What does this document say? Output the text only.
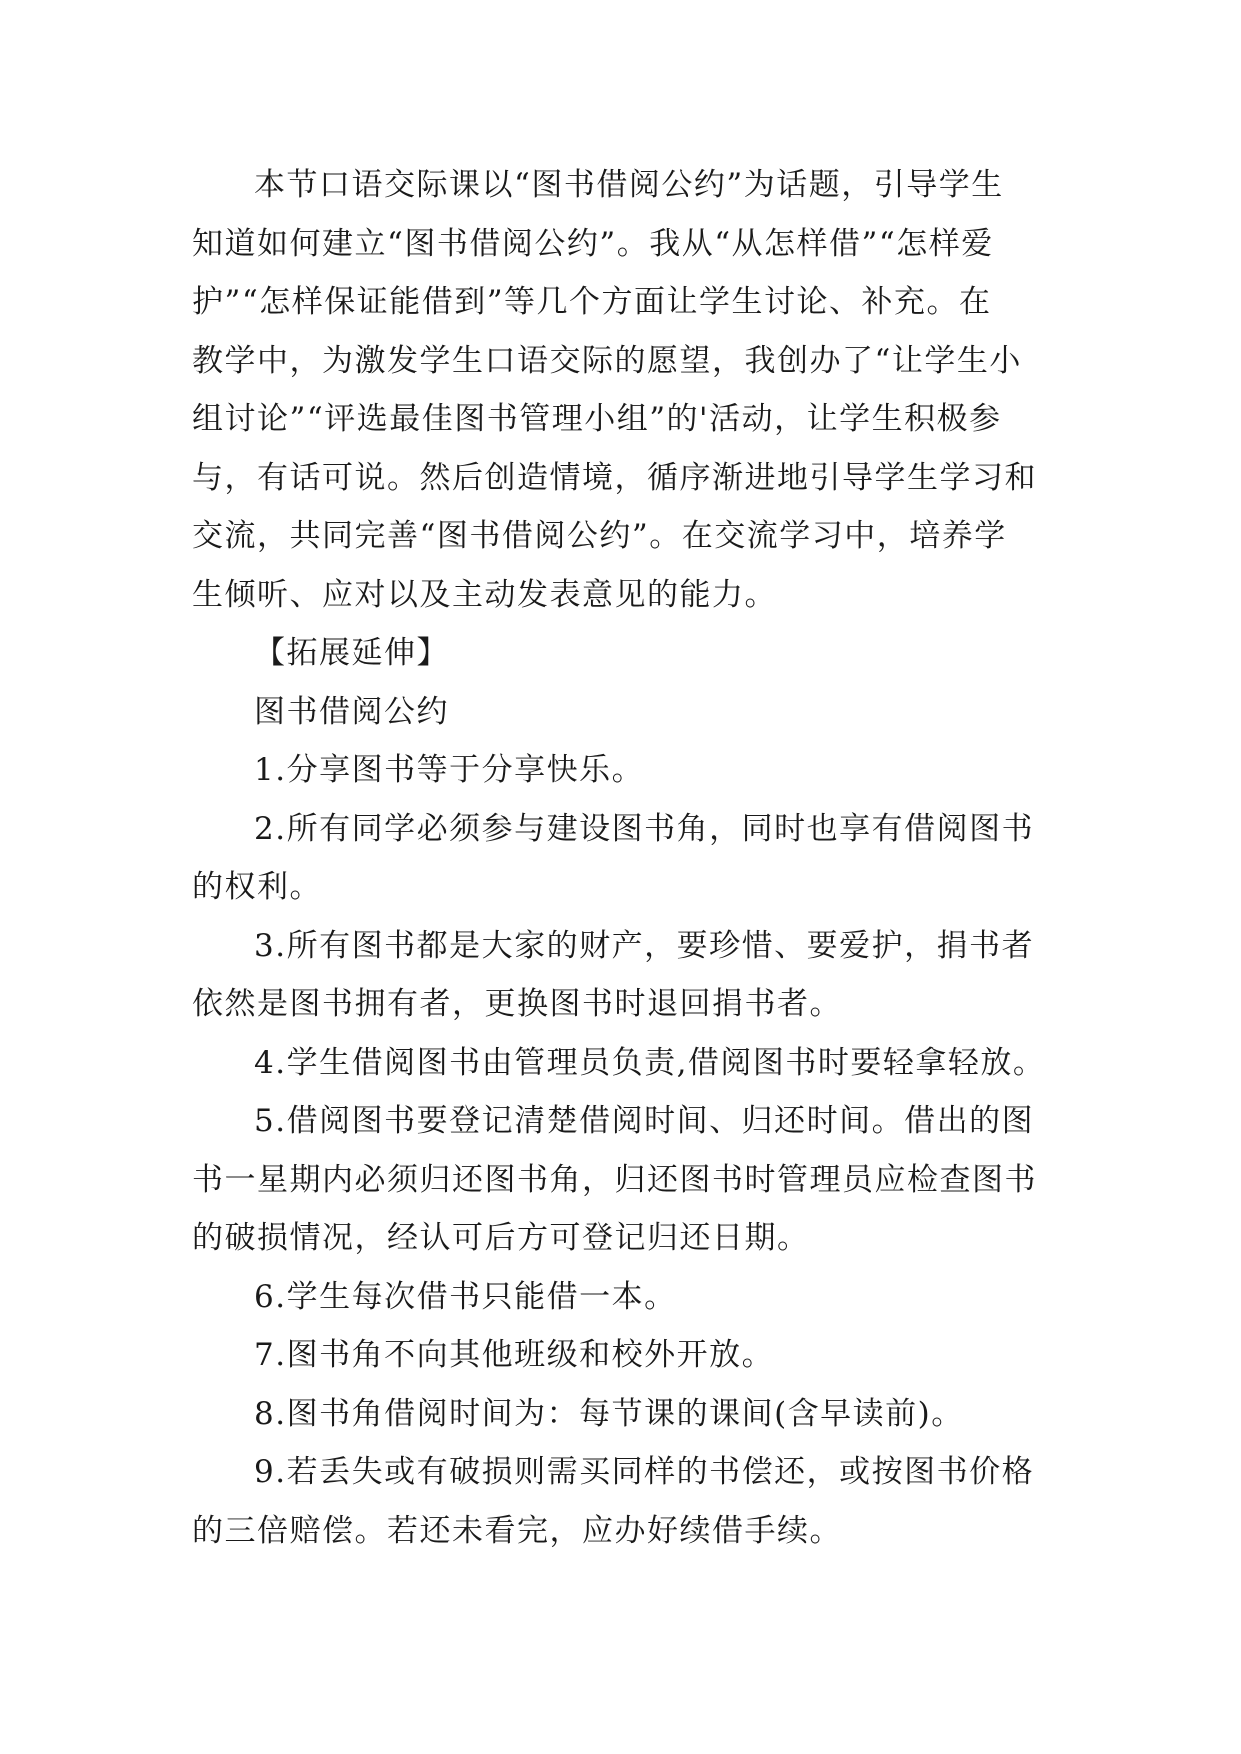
本节口语交际课以“图书借阅公约”为话题，引导学生
知道如何建立“图书借阅公约”。我从“从怎样借”“怎样爱
护”“怎样保证能借到”等几个方面让学生讨论、补充。在
教学中，为激发学生口语交际的愿望，我创办了“让学生小
组讨论”“评选最佳图书管理小组”的'活动，让学生积极参
与，有话可说。然后创造情境，循序渐进地引导学生学习和
交流，共同完善“图书借阅公约”。在交流学习中，培养学
生倾听、应对以及主动发表意见的能力。
【拓展延伸】
图书借阅公约
1.分享图书等于分享快乐。
2.所有同学必须参与建设图书角，同时也享有借阅图书
的权利。
3.所有图书都是大家的财产，要珍惜、要爱护，捐书者
依然是图书拥有者，更换图书时退回捐书者。
4.学生借阅图书由管理员负责,借阅图书时要轻拿轻放。
5.借阅图书要登记清楚借阅时间、归还时间。借出的图
书一星期内必须归还图书角，归还图书时管理员应检查图书
的破损情况，经认可后方可登记归还日期。
6.学生每次借书只能借一本。
7.图书角不向其他班级和校外开放。
8.图书角借阅时间为：每节课的课间(含早读前)。
9.若丢失或有破损则需买同样的书偿还，或按图书价格
的三倍赔偿。若还未看完，应办好续借手续。
